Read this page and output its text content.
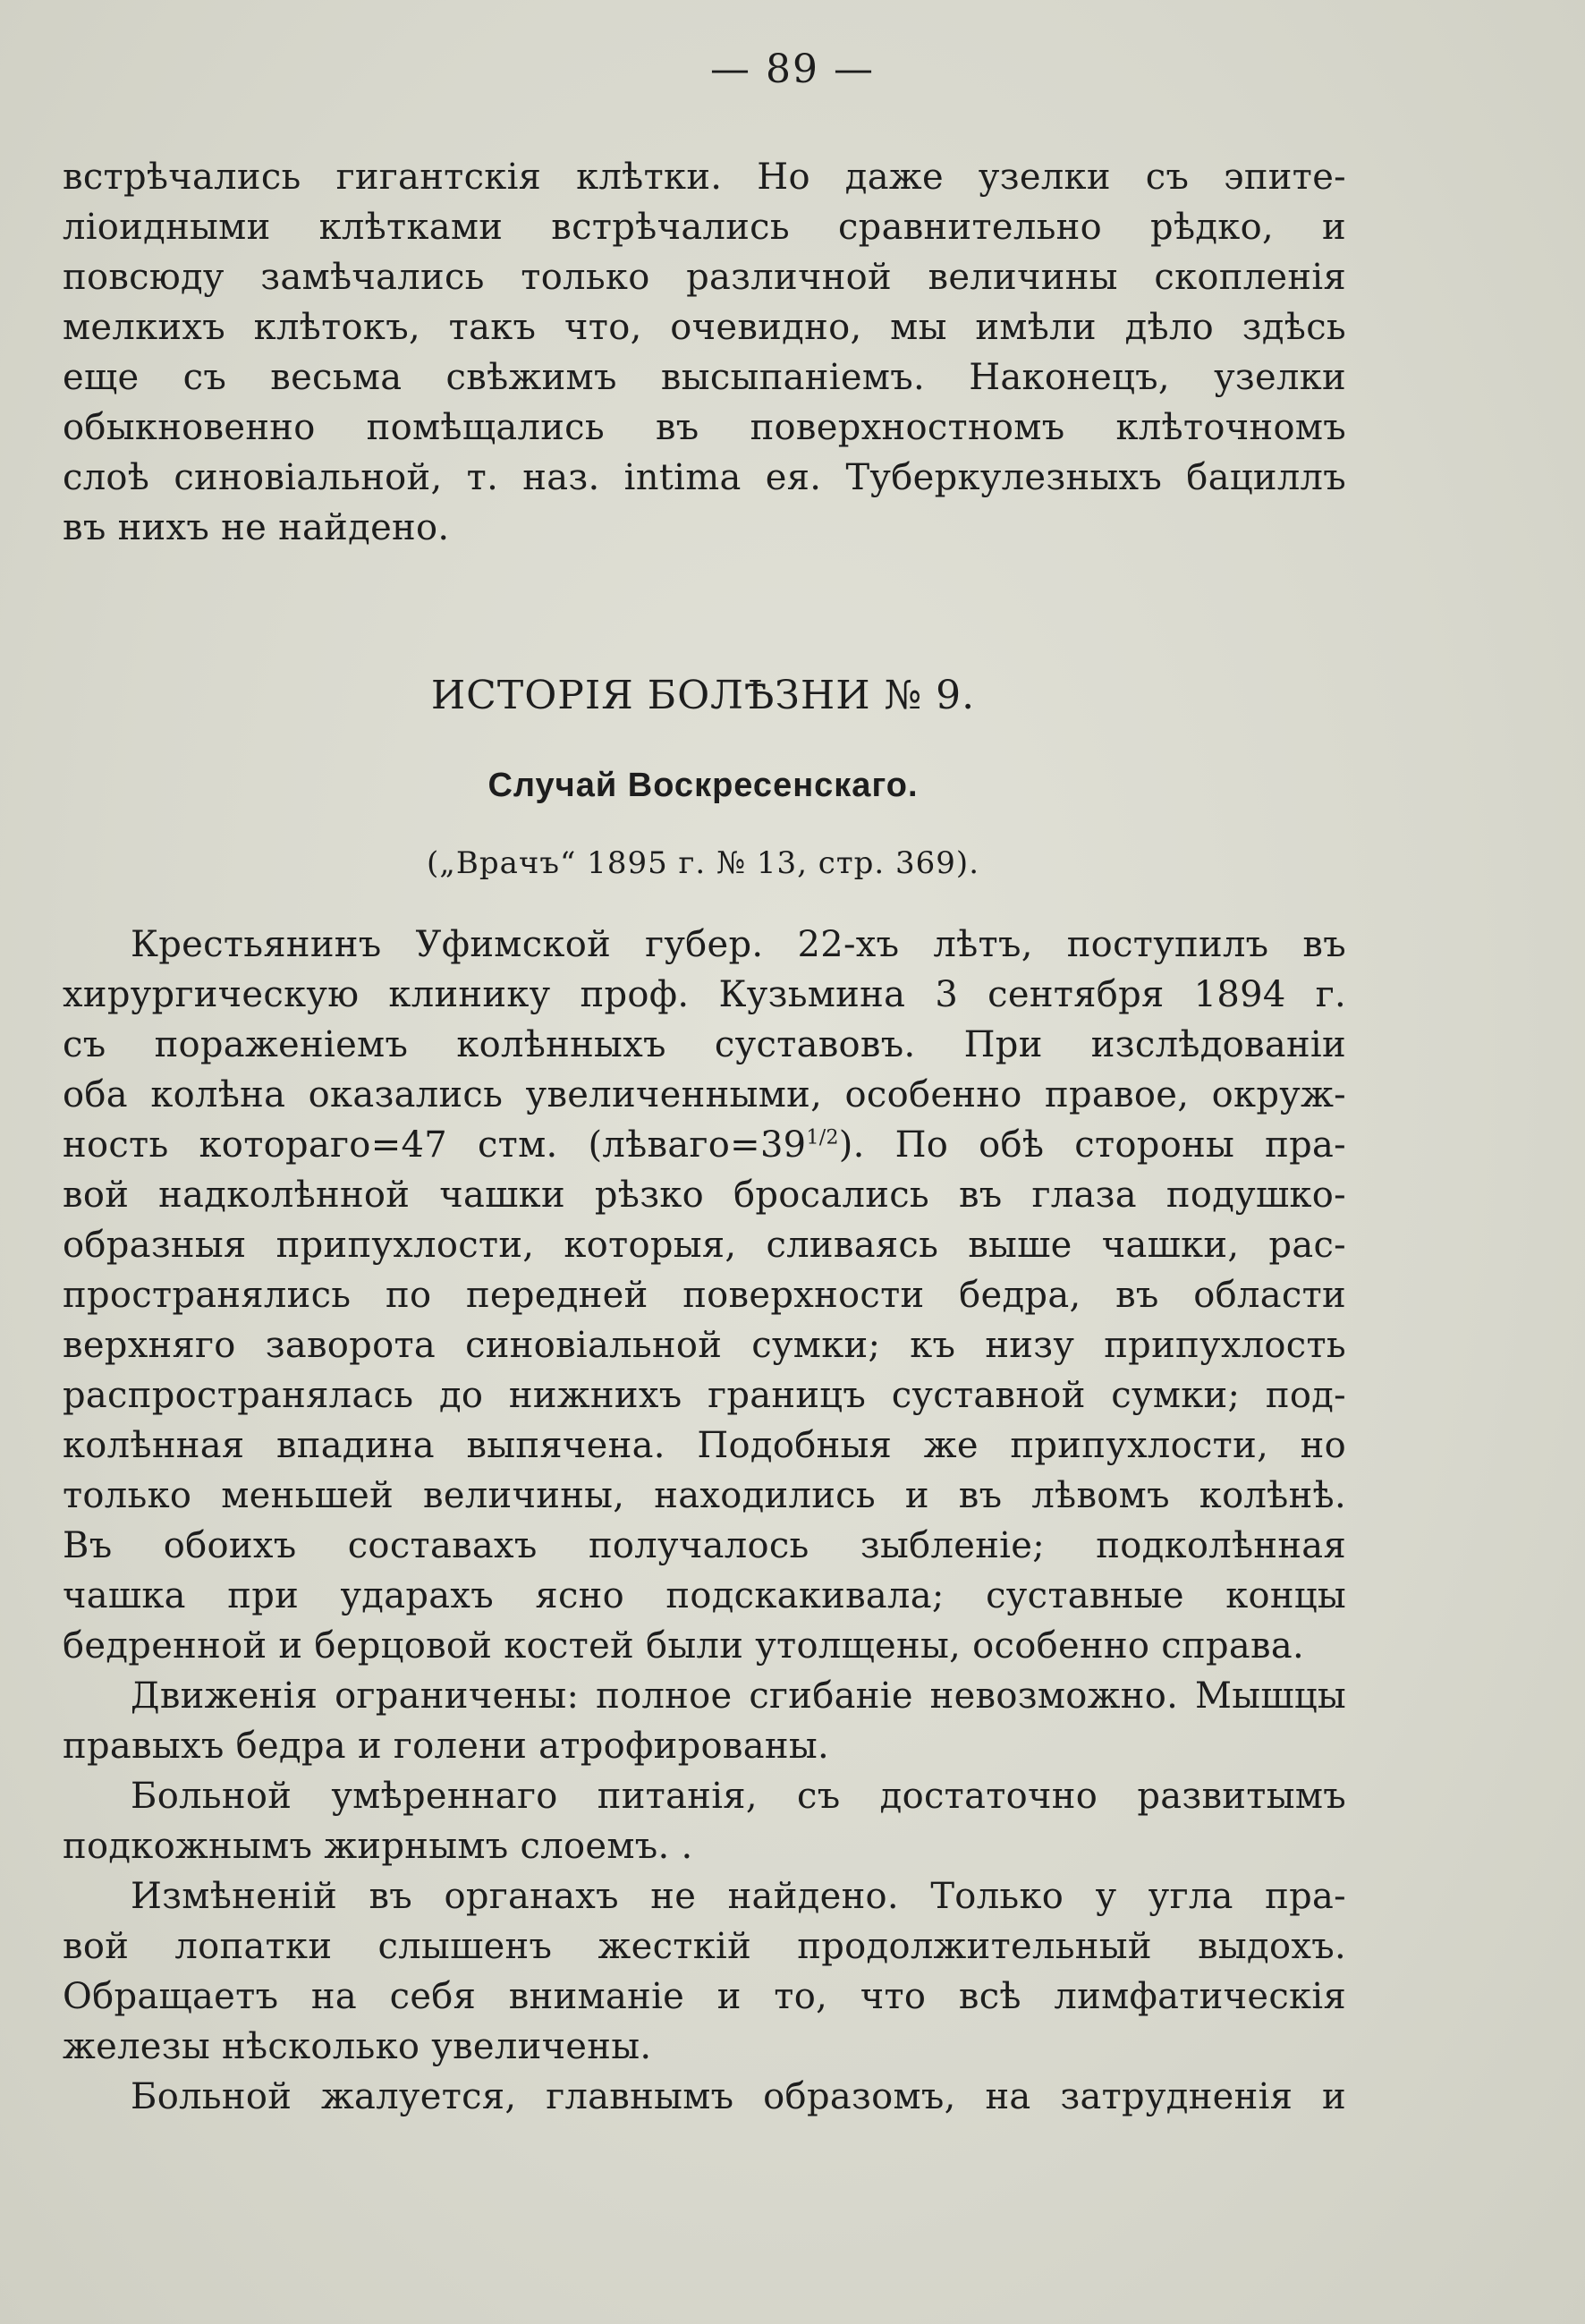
— 89 —
встрѣчались гигантскія клѣтки. Но даже узелки съ эпите-
ліоидными клѣтками встрѣчались сравнительно рѣдко, и
повсюду замѣчались только различной величины скопленія
мелкихъ клѣтокъ, такъ что, очевидно, мы имѣли дѣло здѣсь
еще съ весьма свѣжимъ высыпаніемъ. Наконецъ, узелки
обыкновенно помѣщались въ поверхностномъ клѣточномъ
слоѣ синовіальной, т. наз. intima ея. Туберкулезныхъ бациллъ
въ нихъ не найдено.
ИСТОРІЯ БОЛѢЗНИ № 9.
Случай Воскресенскаго.
(„Врачъ“ 1895 г. № 13, стр. 369).
Крестьянинъ Уфимской губер. 22-хъ лѣтъ, поступилъ въ
хирургическую клинику проф. Кузьмина 3 сентября 1894 г.
съ пораженіемъ колѣнныхъ суставовъ. При изслѣдованіи
оба колѣна оказались увеличенными, особенно правое, окруж-
ность котораго=47 стм. $(лѣваго=39^{1/2})$. По обѣ стороны пра-
вой надколѣнной чашки рѣзко бросались въ глаза подушко-
образныя припухлости, которыя, сливаясь выше чашки, рас-
пространялись по передней поверхности бедра, въ области
верхняго заворота синовіальной сумки; къ низу припухлость
распространялась до нижнихъ границъ суставной сумки; под-
колѣнная впадина выпячена. Подобныя же припухлости, но
только меньшей величины, находились и въ лѣвомъ колѣнѣ.
Въ обоихъ составахъ получалось зыбленіе; подколѣнная
чашка при ударахъ ясно подскакивала; суставные концы
бедренной и берцовой костей были утолщены, особенно справа.
Движенія ограничены: полное сгибаніе невозможно. Мышцы
правыхъ бедра и голени атрофированы.
Больной умѣреннаго питанія, съ достаточно развитымъ
подкожнымъ жирнымъ слоемъ. .
Измѣненій въ органахъ не найдено. Только у угла пра-
вой лопатки слышенъ жесткій продолжительный выдохъ.
Обращаетъ на себя вниманіе и то, что всѣ лимфатическія
железы нѣсколько увеличены.
Больной жалуется, главнымъ образомъ, на затрудненія и
